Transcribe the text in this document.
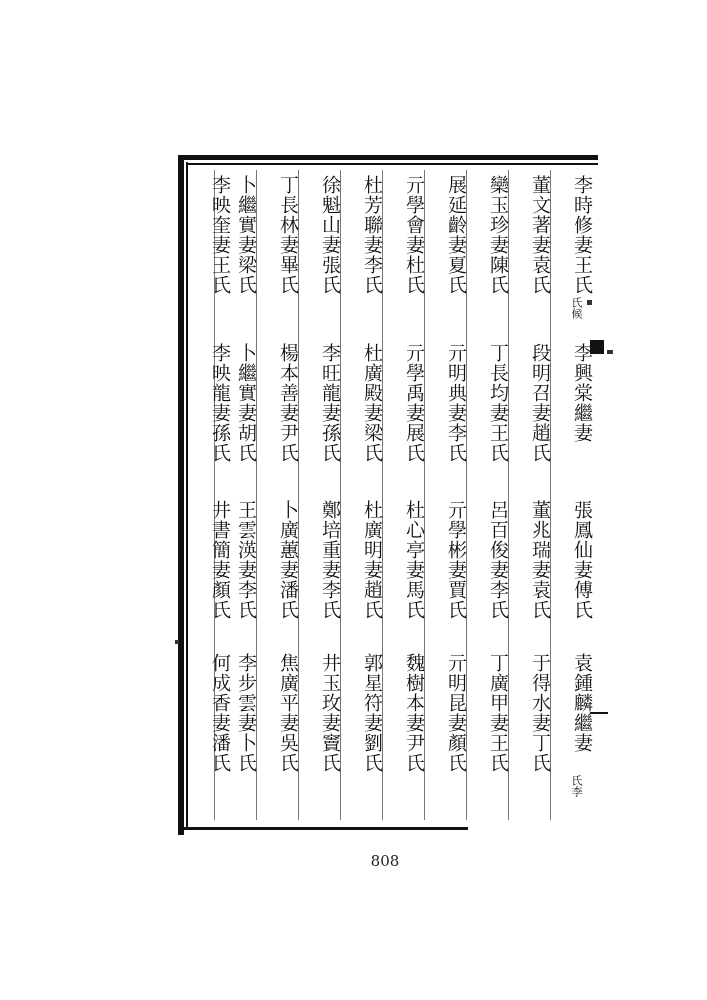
李時修妻王氏
氏候
李興棠繼妻
張鳳仙妻傅氏
袁鍾麟繼妻
氏李
董文著妻袁氏
段明召妻趙氏
董兆瑞妻袁氏
于得水妻丁氏
欒玉珍妻陳氏
丁長均妻王氏
呂百俊妻李氏
丁廣甲妻王氏
展延齡妻夏氏
亓明典妻李氏
亓學彬妻賈氏
亓明昆妻顏氏
亓學會妻杜氏
亓學禹妻展氏
杜心亭妻馬氏
魏樹本妻尹氏
杜芳聯妻李氏
杜廣殿妻梁氏
杜廣明妻趙氏
郭星符妻劉氏
徐魁山妻張氏
李旺龍妻孫氏
鄭培重妻李氏
井玉玫妻竇氏
丁長林妻畢氏
楊本善妻尹氏
卜廣蕙妻潘氏
焦廣平妻吳氏
卜繼實妻梁氏
卜繼實妻胡氏
王雲渶妻李氏
李步雲妻卜氏
李映奎妻王氏
李映龍妻孫氏
井書簡妻顏氏
何成香妻潘氏
808
